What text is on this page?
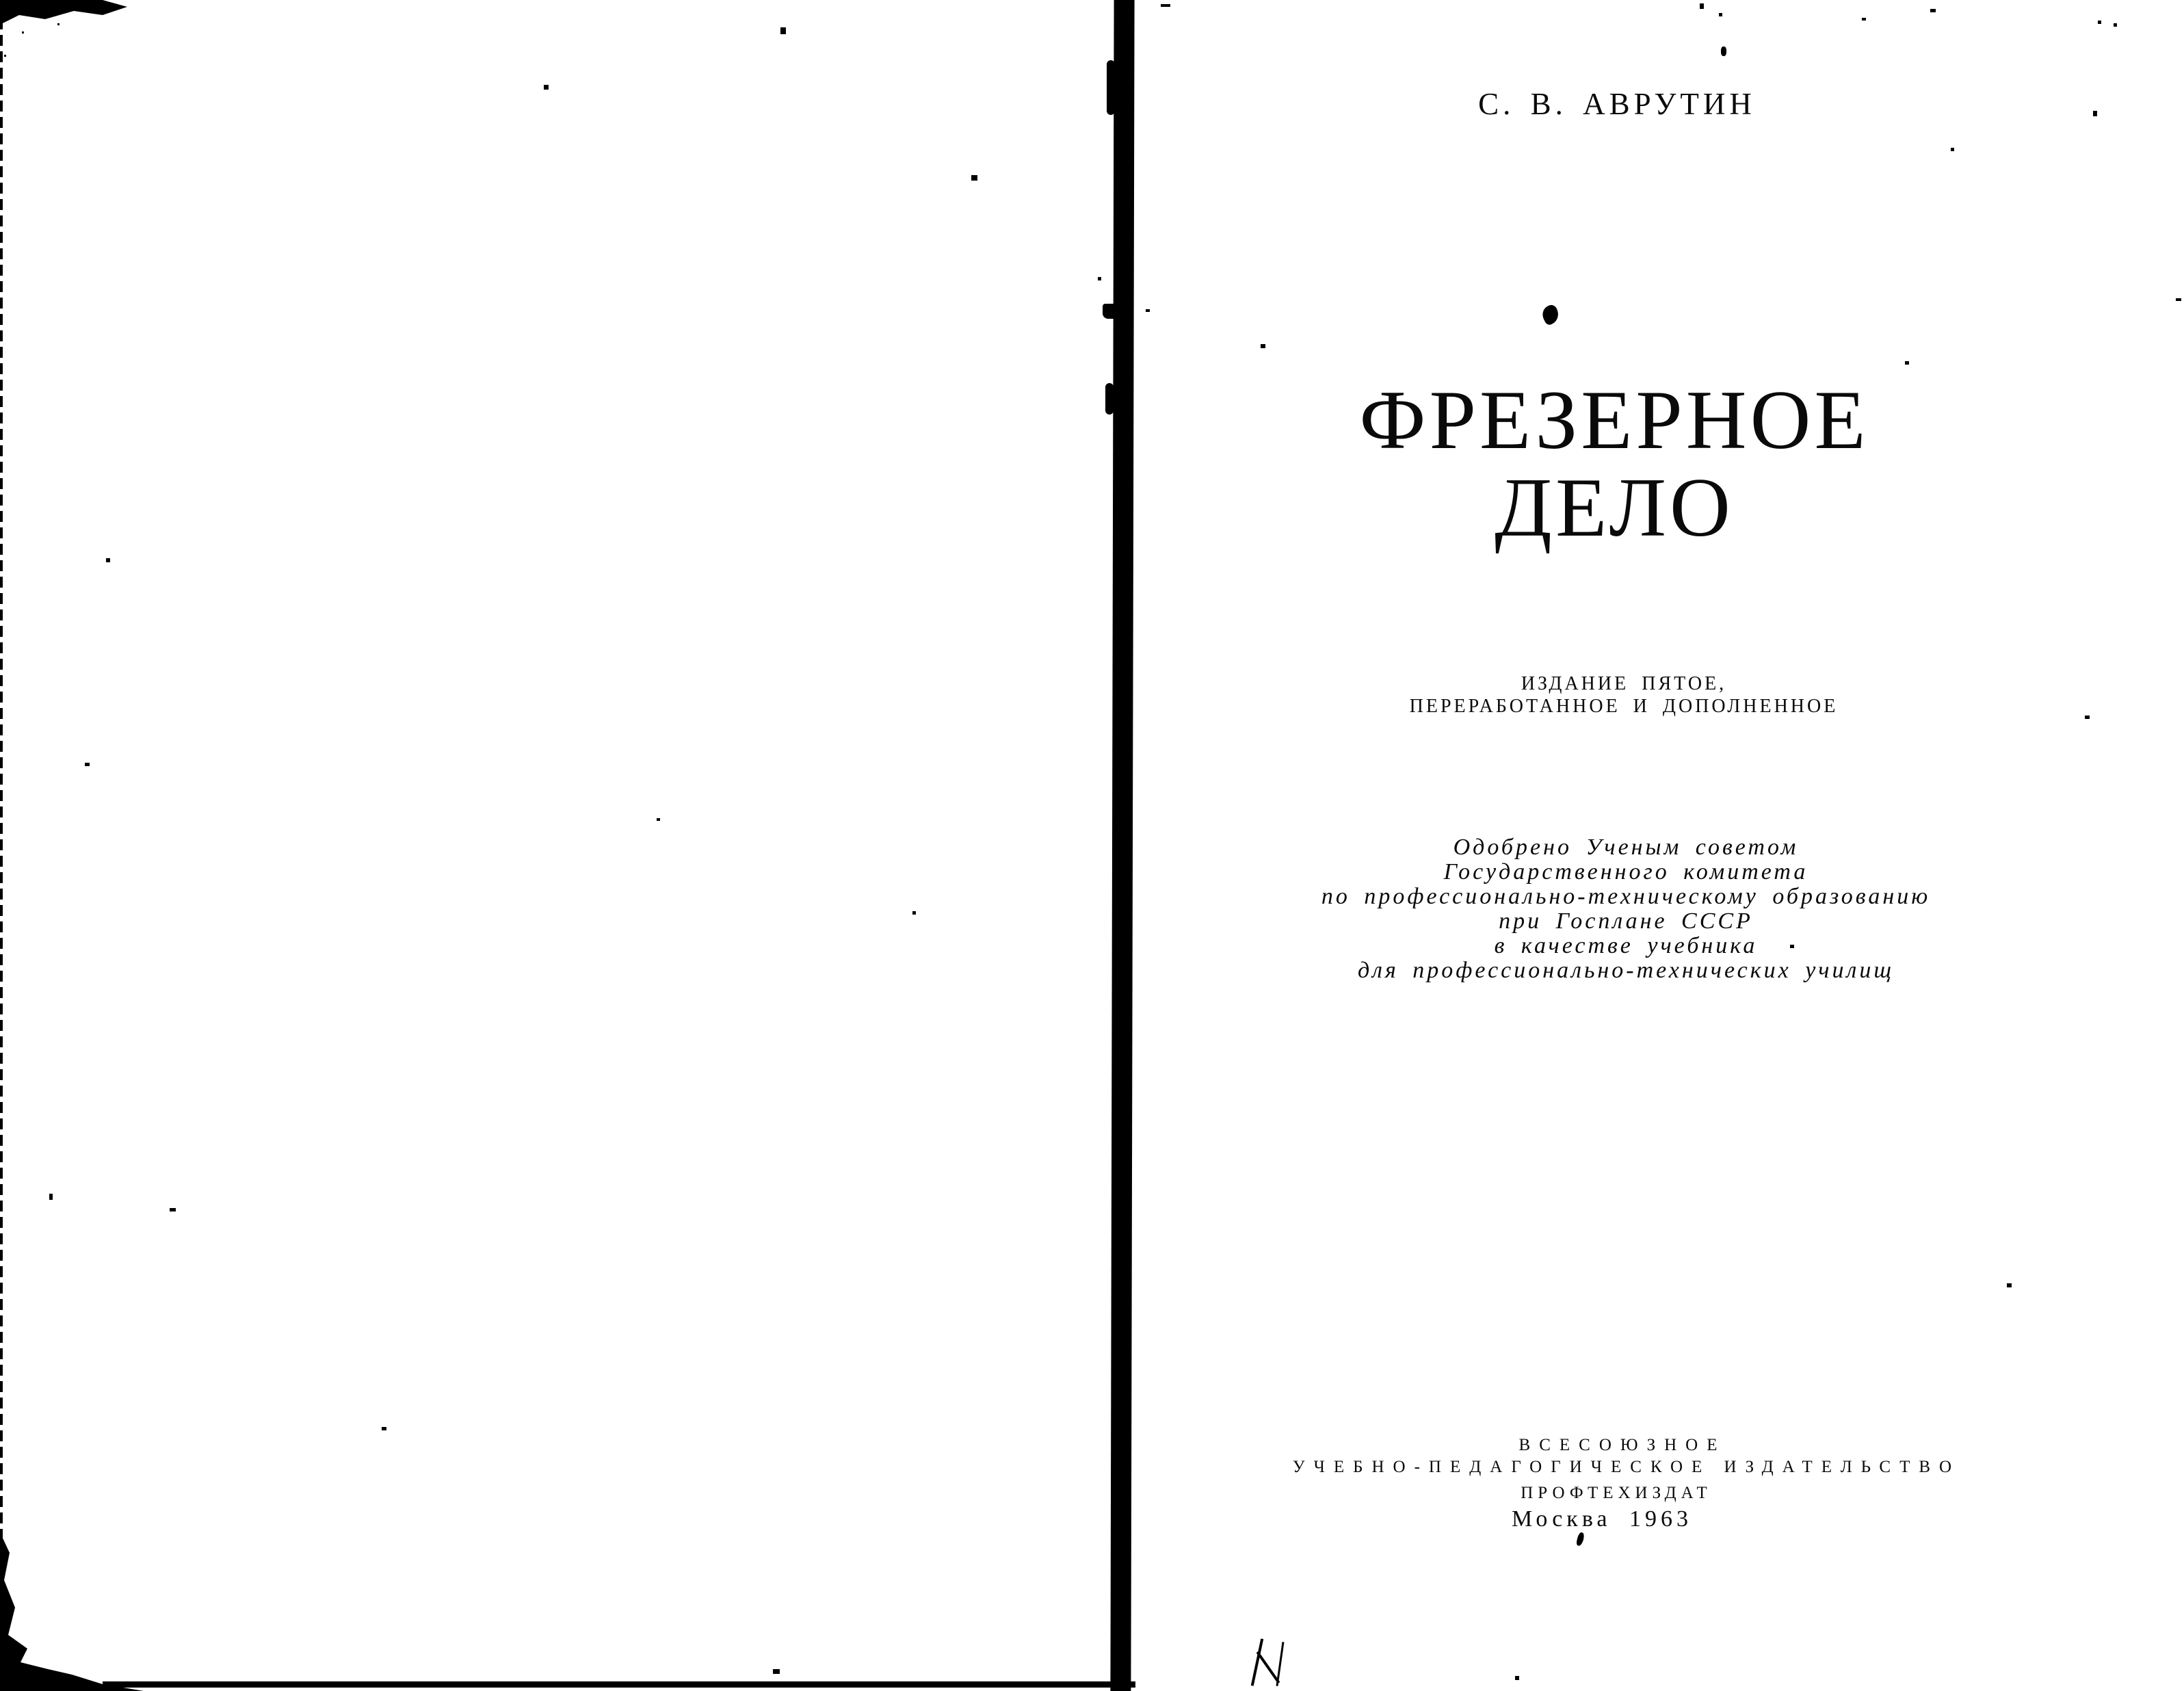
С. В. АВРУТИН
ФРЕЗЕРНОЕ
ДЕЛО
ИЗДАНИЕ ПЯТОЕ,
ПЕРЕРАБОТАННОЕ И ДОПОЛНЕННОЕ
Одобрено Ученым советом
Государственного комитета
по профессионально-техническому образованию
при Госплане СССР
в качестве учебника
для профессионально-технических училищ
ВСЕСОЮЗНОЕ
УЧЕБНО-ПЕДАГОГИЧЕСКОЕ ИЗДАТЕЛЬСТВО
ПРОФТЕХИЗДАТ
Москва 1963
